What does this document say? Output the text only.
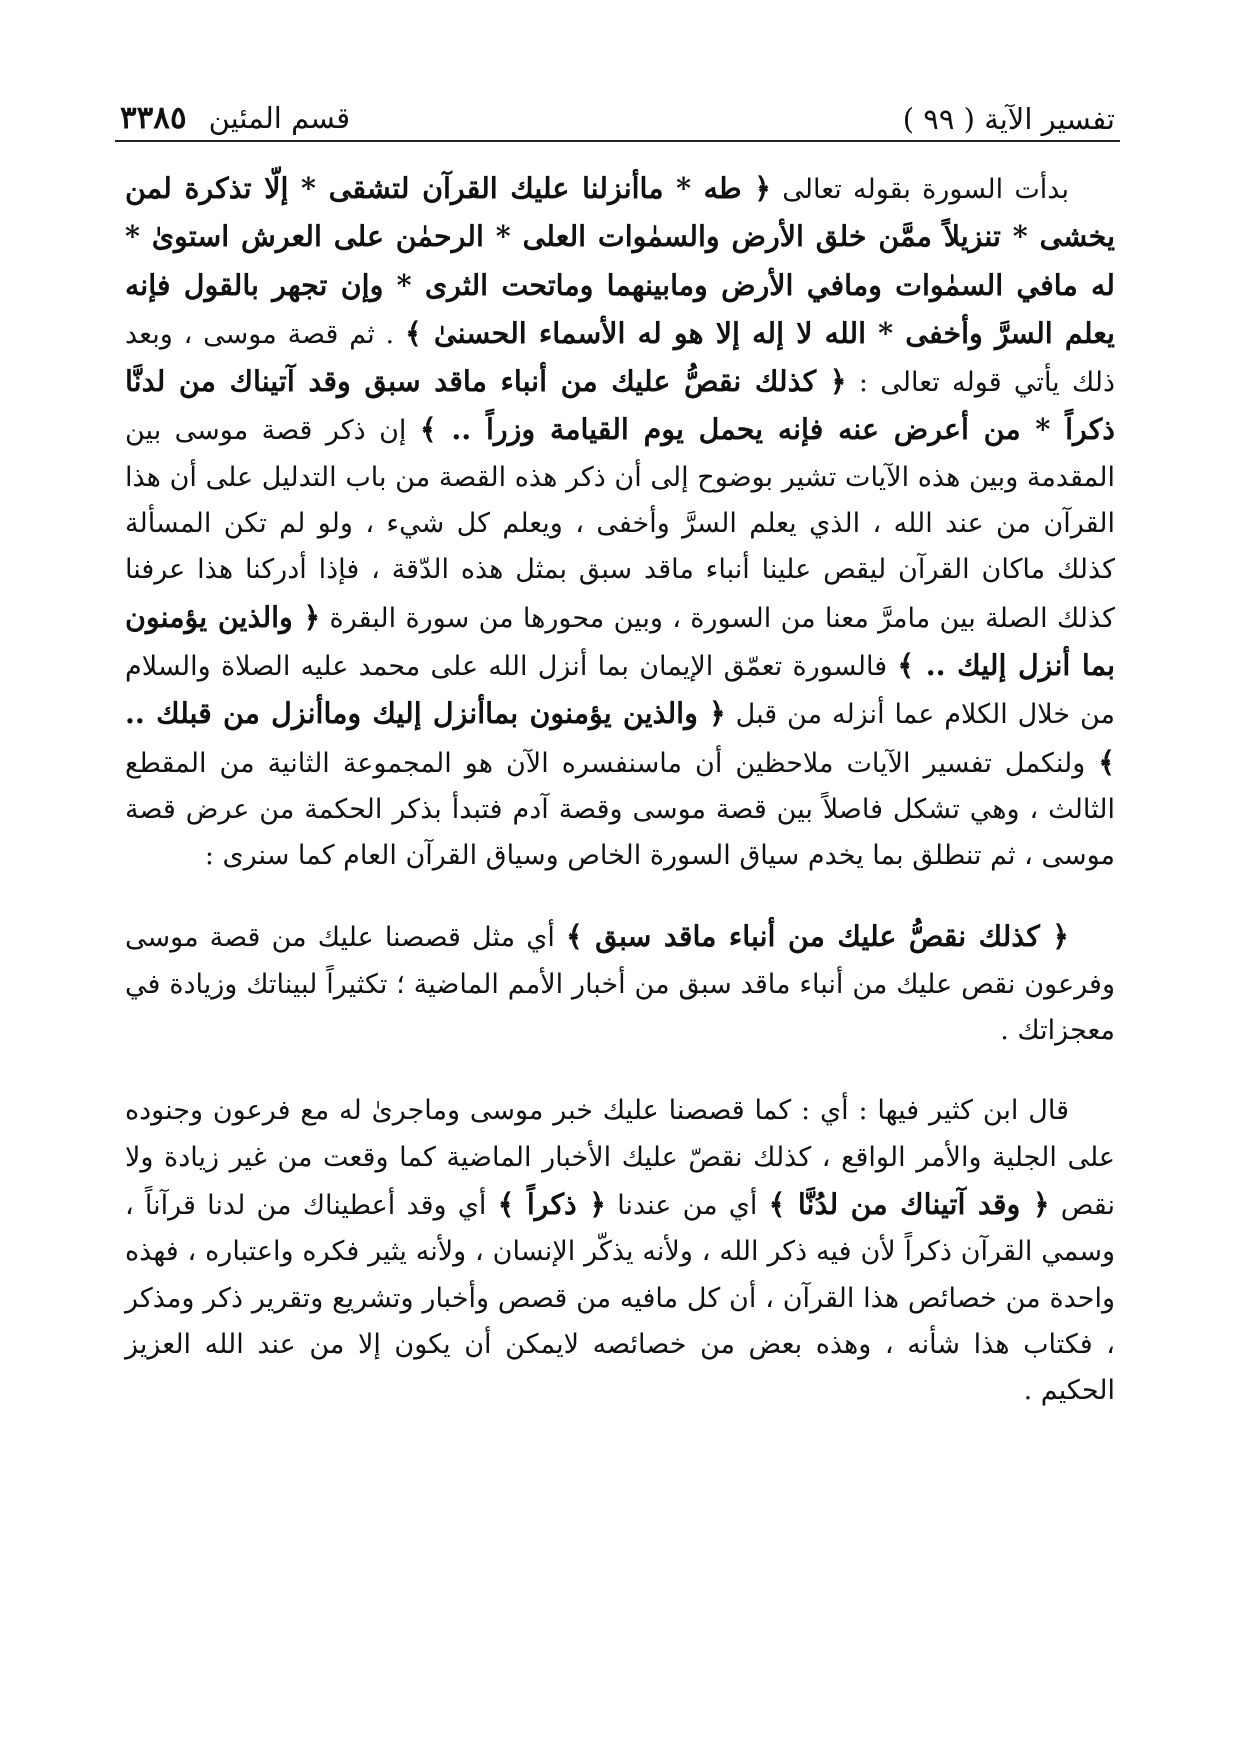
تفسير الآية

( ٩٩ )
قسم المئين
٣٣٨٥

بدأت السورة بقوله تعالى ﴿ طه * ماأنزلنا عليك القرآن لتشقى * إلّا تذكرة لمن يخشى * تنزيلاً ممَّن خلق الأرض والسمٰوات العلى * الرحمٰن على العرش استوىٰ * له مافي السمٰوات ومافي الأرض ومابينهما وماتحت الثرى * وإن تجهر بالقول فإنه يعلم السرَّ وأخفى * الله لا إله إلا هو له الأسماء الحسنىٰ ﴾ . ثم قصة موسى ، وبعد ذلك يأتي قوله تعالى : ﴿ كذلك نقصُّ عليك من أنباء ماقد سبق وقد آتيناك من لدنَّا ذكراً * من أعرض عنه فإنه يحمل يوم القيامة وزراً .. ﴾ إن ذكر قصة موسى بين المقدمة وبين هذه الآيات تشير بوضوح إلى أن ذكر هذه القصة من باب التدليل على أن هذا القرآن من عند الله ، الذي يعلم السرَّ وأخفى ، ويعلم كل شيء ، ولو لم تكن المسألة كذلك ماكان القرآن ليقص علينا أنباء ماقد سبق بمثل هذه الدّقة ، فإذا أدركنا هذا عرفنا كذلك الصلة بين مامرَّ معنا من السورة ، وبين محورها من سورة البقرة ﴿ والذين يؤمنون بما أنزل إليك .. ﴾ فالسورة تعمّق الإيمان بما أنزل الله على محمد عليه الصلاة والسلام من خلال الكلام عما أنزله من قبل ﴿ والذين يؤمنون بماأنزل إليك وماأنزل من قبلك .. ﴾ ولنكمل تفسير الآيات ملاحظين أن ماسنفسره الآن هو المجموعة الثانية من المقطع الثالث ، وهي تشكل فاصلاً بين قصة موسى وقصة آدم فتبدأ بذكر الحكمة من عرض قصة موسى ، ثم تنطلق بما يخدم سياق السورة الخاص وسياق القرآن العام كما سنرى :

﴿ كذلك نقصُّ عليك من أنباء ماقد سبق ﴾ أي مثل قصصنا عليك من قصة موسى وفرعون نقص عليك من أنباء ماقد سبق من أخبار الأمم الماضية ؛ تكثيراً لبيناتك وزيادة في معجزاتك .

قال ابن كثير فيها : أي : كما قصصنا عليك خبر موسى وماجرىٰ له مع فرعون وجنوده على الجلية والأمر الواقع ، كذلك نقصّ عليك الأخبار الماضية كما وقعت من غير زيادة ولا نقص ﴿ وقد آتيناك من لدُنَّا ﴾ أي من عندنا ﴿ ذكراً ﴾ أي وقد أعطيناك من لدنا قرآناً ، وسمي القرآن ذكراً لأن فيه ذكر الله ، ولأنه يذكّر الإنسان ، ولأنه يثير فكره واعتباره ، فهذه واحدة من خصائص هذا القرآن ، أن كل مافيه من قصص وأخبار وتشريع وتقرير ذكر ومذكر ، فكتاب هذا شأنه ، وهذه بعض من خصائصه لايمكن أن يكون إلا من عند الله العزيز الحكيم .
